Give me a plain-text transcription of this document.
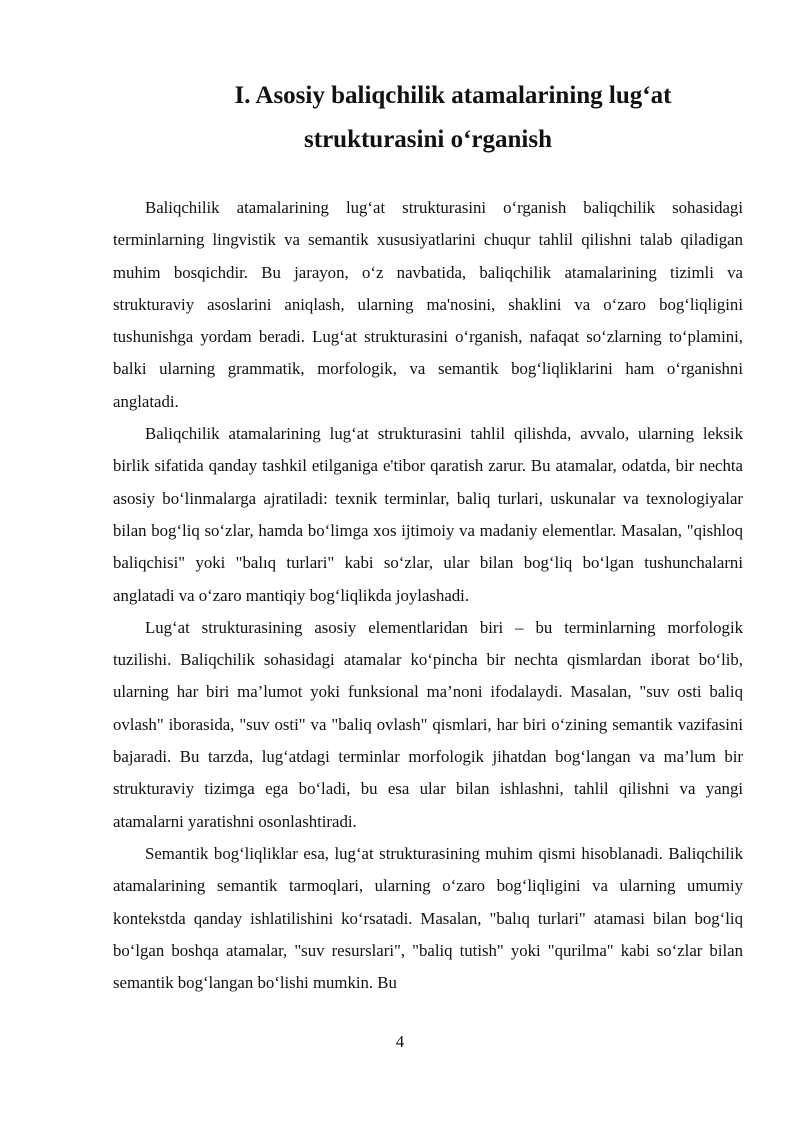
I. Asosiy baliqchilik atamalarining lug‘at strukturasini o‘rganish

Baliqchilik atamalarining lug‘at strukturasini o‘rganish baliqchilik sohasidagi terminlarning lingvistik va semantik xususiyatlarini chuqur tahlil qilishni talab qiladigan muhim bosqichdir. Bu jarayon, o‘z navbatida, baliqchilik atamalarining tizimli va strukturaviy asoslarini aniqlash, ularning ma'nosini, shaklini va o‘zaro bog‘liqligini tushunishga yordam beradi. Lug‘at strukturasini o‘rganish, nafaqat so‘zlarning to‘plamini, balki ularning grammatik, morfologik, va semantik bog‘liqliklarini ham o‘rganishni anglatadi.

Baliqchilik atamalarining lug‘at strukturasini tahlil qilishda, avvalo, ularning leksik birlik sifatida qanday tashkil etilganiga e'tibor qaratish zarur. Bu atamalar, odatda, bir nechta asosiy bo‘linmalarga ajratiladi: texnik terminlar, baliq turlari, uskunalar va texnologiyalar bilan bog‘liq so‘zlar, hamda bo‘limga xos ijtimoiy va madaniy elementlar. Masalan, "qishloq baliqchisi" yoki "balıq turlari" kabi so‘zlar, ular bilan bog‘liq bo‘lgan tushunchalarni anglatadi va o‘zaro mantiqiy bog‘liqlikda joylashadi.

Lug‘at strukturasining asosiy elementlaridan biri – bu terminlarning morfologik tuzilishi. Baliqchilik sohasidagi atamalar ko‘pincha bir nechta qismlardan iborat bo‘lib, ularning har biri ma’lumot yoki funksional ma’noni ifodalaydi. Masalan, "suv osti baliq ovlash" iborasida, "suv osti" va "baliq ovlash" qismlari, har biri o‘zining semantik vazifasini bajaradi. Bu tarzda, lug‘atdagi terminlar morfologik jihatdan bog‘langan va ma’lum bir strukturaviy tizimga ega bo‘ladi, bu esa ular bilan ishlashni, tahlil qilishni va yangi atamalarni yaratishni osonlashtiradi.

Semantik bog‘liqliklar esa, lug‘at strukturasining muhim qismi hisoblanadi. Baliqchilik atamalarining semantik tarmoqlari, ularning o‘zaro bog‘liqligini va ularning umumiy kontekstda qanday ishlatilishini ko‘rsatadi. Masalan, "balıq turlari" atamasi bilan bog‘liq bo‘lgan boshqa atamalar, "suv resurslari", "baliq tutish" yoki "qurilma" kabi so‘zlar bilan semantik bog‘langan bo‘lishi mumkin. Bu

4
